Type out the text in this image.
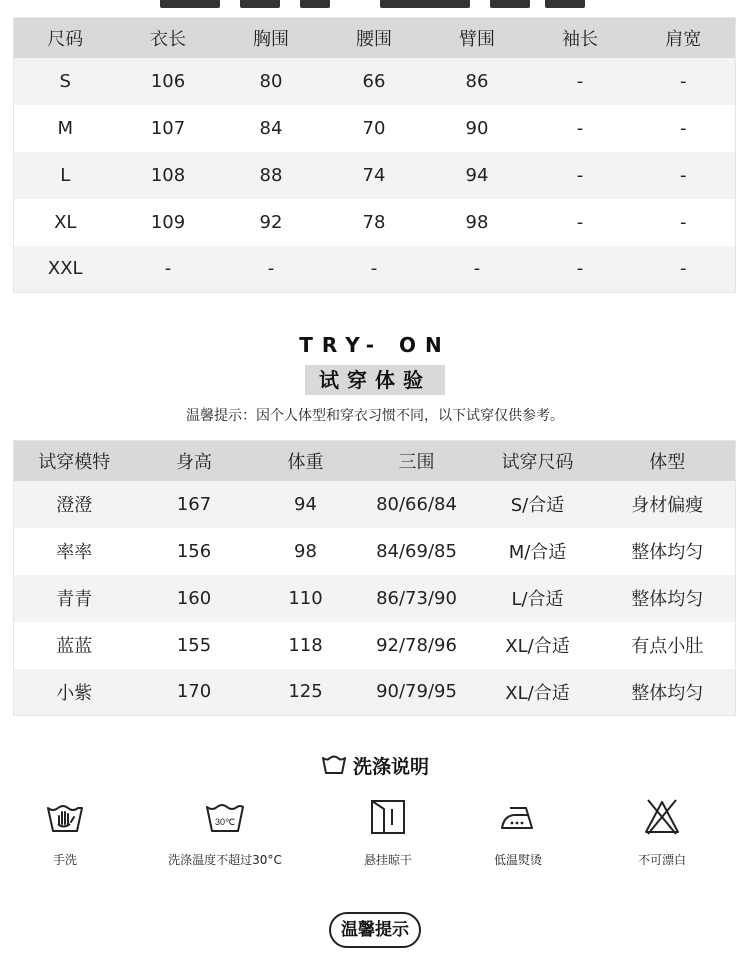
尺码	衣长	胸围	腰围	臂围	袖长	肩宽
S	106	80	66	86	-	-
M	107	84	70	90	-	-
L	108	88	74	94	-	-
XL	109	92	78	98	-	-
XXL	-	-	-	-	-	-
TRY- ON
试穿体验
温馨提示：因个人体型和穿衣习惯不同，以下试穿仅供参考。
试穿模特	身高	体重	三围	试穿尺码	体型
澄澄	167	94	80/66/84	S/合适	身材偏瘦
率率	156	98	84/69/85	M/合适	整体均匀
青青	160	110	86/73/90	L/合适	整体均匀
蓝蓝	155	118	92/78/96	XL/合适	有点小肚
小紫	170	125	90/79/95	XL/合适	整体均匀
洗涤说明
手洗
30℃
洗涤温度不超过30°C	悬挂晾干	低温熨烫	不可漂白
温馨提示
